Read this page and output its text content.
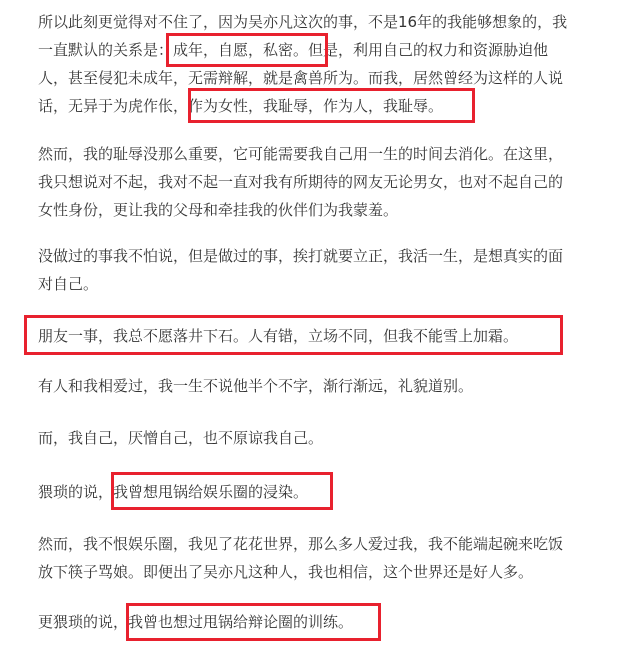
所以此刻更觉得对不住了，因为吴亦凡这次的事，不是16年的我能够想象的，我
一直默认的关系是：成年，自愿，私密。但是，利用自己的权力和资源胁迫他
人，甚至侵犯未成年，无需辩解，就是禽兽所为。而我，居然曾经为这样的人说
话，无异于为虎作伥，作为女性，我耻辱，作为人，我耻辱。
然而，我的耻辱没那么重要，它可能需要我自己用一生的时间去消化。在这里，
我只想说对不起，我对不起一直对我有所期待的网友无论男女，也对不起自己的
女性身份，更让我的父母和牵挂我的伙伴们为我蒙羞。
没做过的事我不怕说，但是做过的事，挨打就要立正，我活一生，是想真实的面
对自己。
朋友一事，我总不愿落井下石。人有错，立场不同，但我不能雪上加霜。
有人和我相爱过，我一生不说他半个不字，渐行渐远，礼貌道别。
而，我自己，厌憎自己，也不原谅我自己。
猥琐的说，我曾想甩锅给娱乐圈的浸染。
然而，我不恨娱乐圈，我见了花花世界，那么多人爱过我，我不能端起碗来吃饭
放下筷子骂娘。即便出了吴亦凡这种人，我也相信，这个世界还是好人多。
更猥琐的说，我曾也想过甩锅给辩论圈的训练。
